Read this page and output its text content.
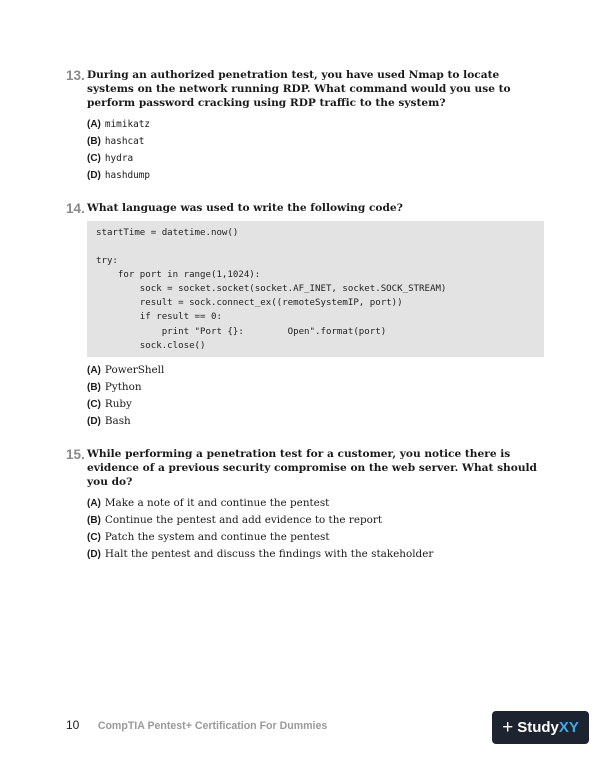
13. During an authorized penetration test, you have used Nmap to locate systems on the network running RDP. What command would you use to perform password cracking using RDP traffic to the system?
(A) mimikatz
(B) hashcat
(C) hydra
(D) hashdump
14. What language was used to write the following code?
startTime = datetime.now()
try:
for port in range(1,1024):
sock = socket.socket(socket.AF_INET, socket.SOCK_STREAM)
result = sock.connect_ex((remoteSystemIP, port))
if result == 0:
print "Port {}:        Open".format(port)
sock.close()
(A) PowerShell
(B) Python
(C) Ruby
(D) Bash
15. While performing a penetration test for a customer, you notice there is evidence of a previous security compromise on the web server. What should you do?
(A) Make a note of it and continue the pentest
(B) Continue the pentest and add evidence to the report
(C) Patch the system and continue the pentest
(D) Halt the pentest and discuss the findings with the stakeholder
10 CompTIA Pentest+ Certification For Dummies	+ Study XY
